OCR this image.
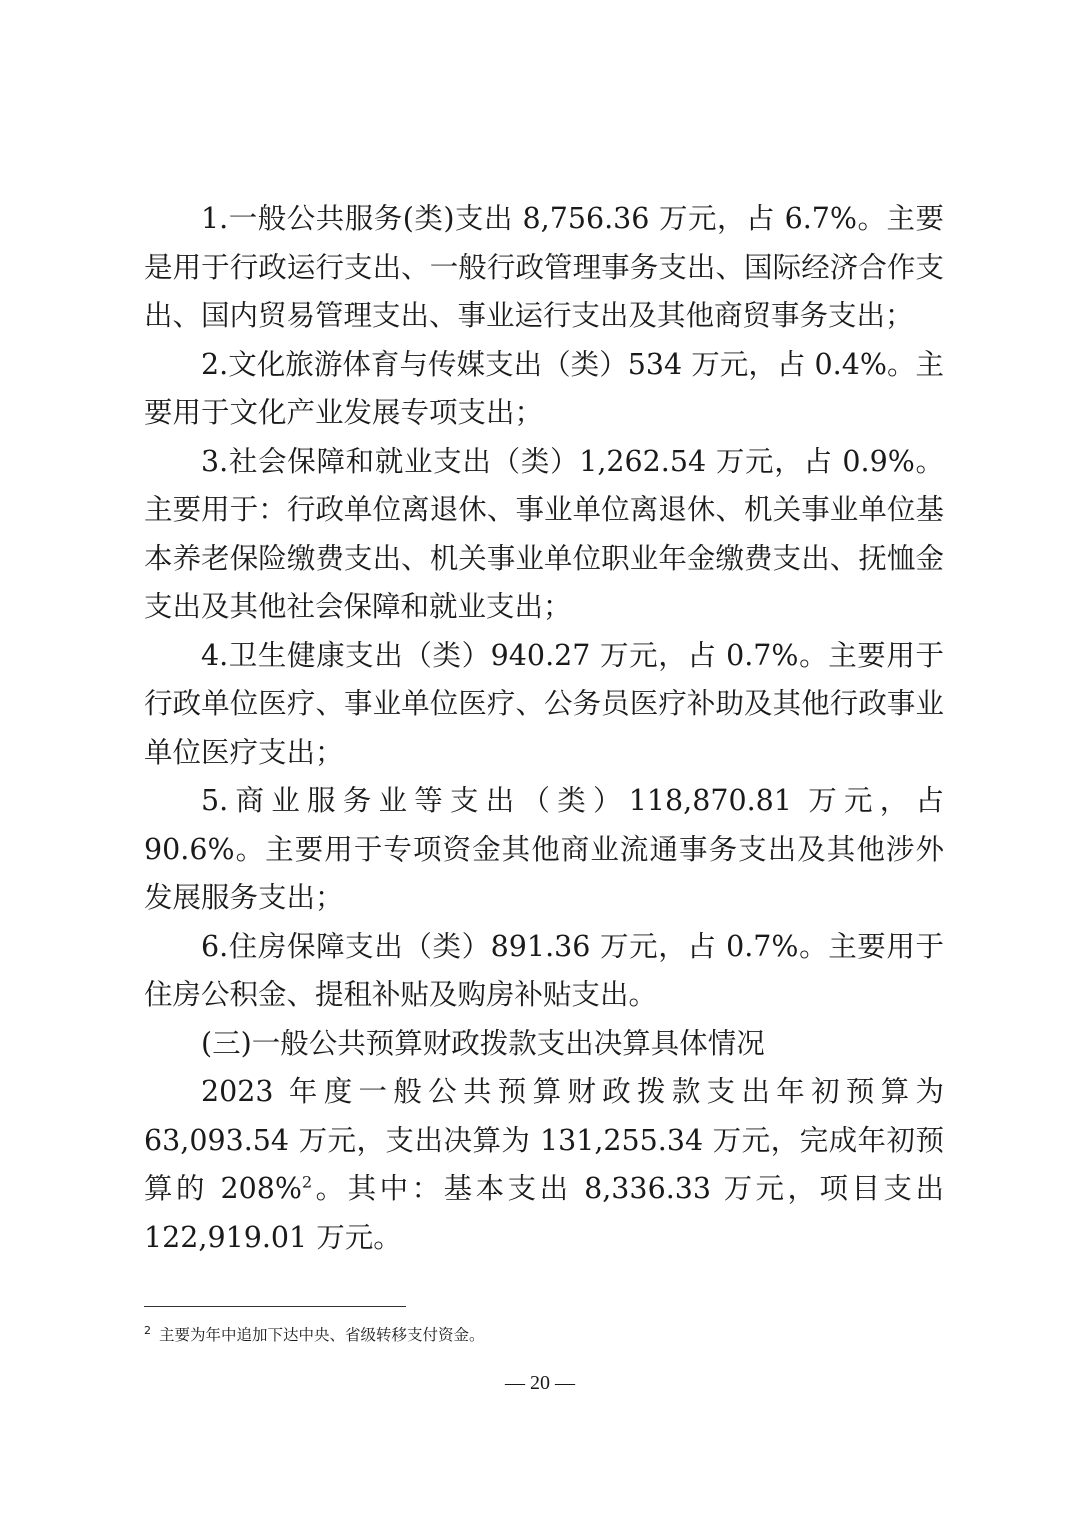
1.一般公共服务(类)支出 8,756.36 万元，占 6.7%。主要是用于行政运行支出、一般行政管理事务支出、国际经济合作支出、国内贸易管理支出、事业运行支出及其他商贸事务支出；

2.文化旅游体育与传媒支出（类）534 万元，占 0.4%。主要用于文化产业发展专项支出；

3.社会保障和就业支出（类）1,262.54 万元，占 0.9%。主要用于：行政单位离退休、事业单位离退休、机关事业单位基本养老保险缴费支出、机关事业单位职业年金缴费支出、抚恤金支出及其他社会保障和就业支出；

4.卫生健康支出（类）940.27 万元，占 0.7%。主要用于行政单位医疗、事业单位医疗、公务员医疗补助及其他行政事业单位医疗支出；

5.商业服务业等支出（类）118,870.81 万元，占 90.6%。主要用于专项资金其他商业流通事务支出及其他涉外发展服务支出；

6.住房保障支出（类）891.36 万元，占 0.7%。主要用于住房公积金、提租补贴及购房补贴支出。

(三)一般公共预算财政拨款支出决算具体情况

2023 年度一般公共预算财政拨款支出年初预算为 63,093.54 万元，支出决算为 131,255.34 万元，完成年初预算的 208%$^2$。其中：基本支出 8,336.33 万元，项目支出 122,919.01 万元。

$^2$ 主要为年中追加下达中央、省级转移支付资金。
— 20 —
